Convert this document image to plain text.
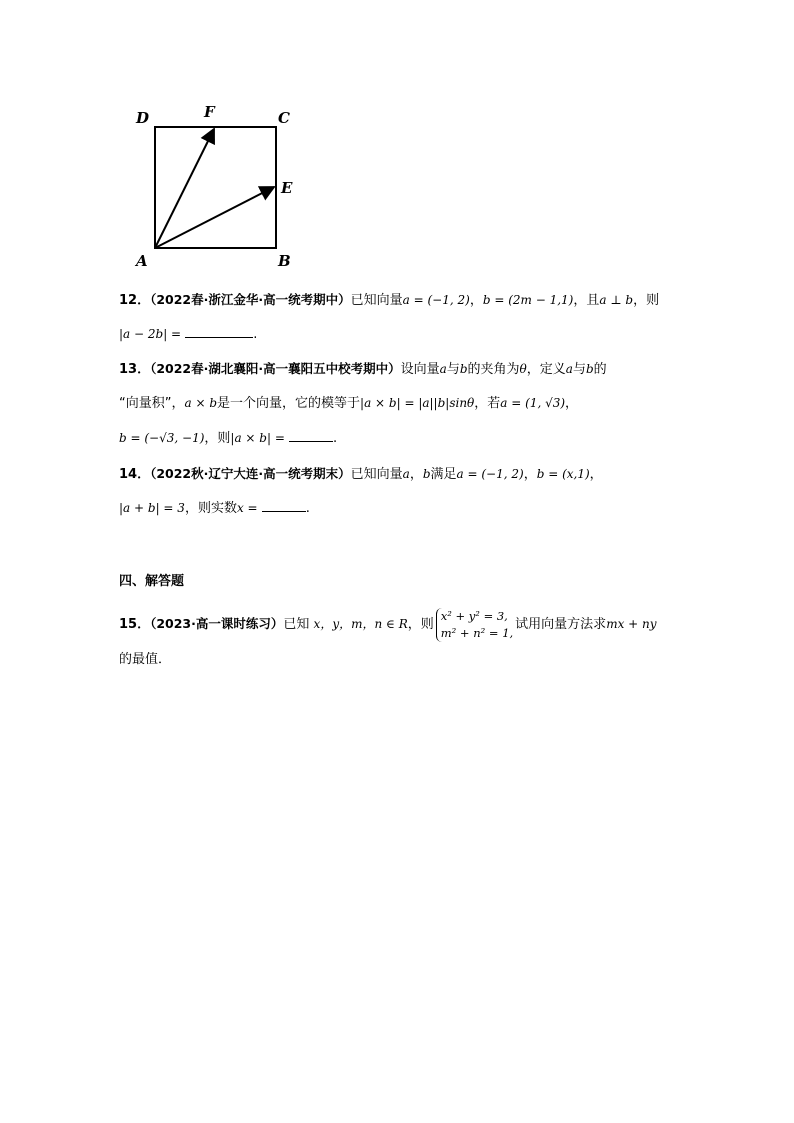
D	F	C
E
A	B
12．（2022春·浙江金华·高一统考期中）已知向量a = (−1, 2)，b = (2m − 1,1)，且a ⊥ b，则
|a − 2b| =	.
13．（2022春·湖北襄阳·高一襄阳五中校考期中）设向量a与b的夹角为θ，定义a与b的
“向量积”，a × b是一个向量，它的模等于|a × b| = |a||b|sinθ，若a = (1, √3)，
b = (−√3, −1)，则|a × b| =	.
14．（2022秋·辽宁大连·高一统考期末）已知向量a，b满足a = (−1, 2)，b = (x,1)，
|a + b| = 3，则实数x =	.
四、解答题
15．（2023·高一课时练习）已知 x，y，m，n ∈ R，则x² + y² = 3,
m² + n² = 1,试用向量方法求mx + ny
的最值．
